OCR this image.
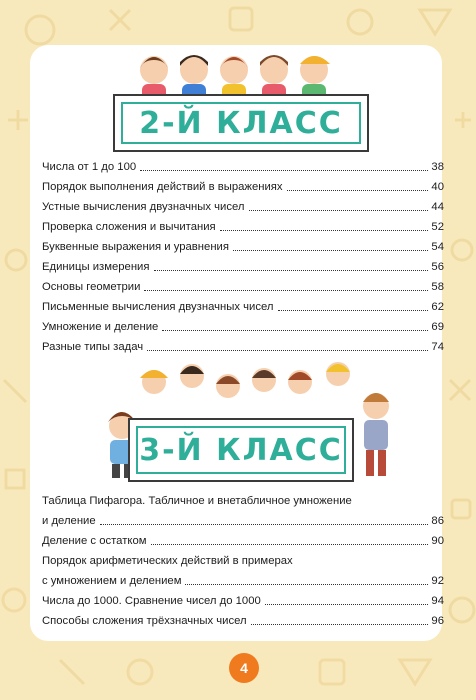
2-Й КЛАСС
Числа от 1 до 100	38
Порядок выполнения действий в выражениях	40
Устные вычисления двузначных чисел	44
Проверка сложения и вычитания	52
Буквенные выражения и уравнения	54
Единицы измерения	56
Основы геометрии	58
Письменные вычисления двузначных чисел	62
Умножение и деление	69
Разные типы задач	74
3-Й КЛАСС
Таблица Пифагора. Табличное и внетабличное умножение
и деление	86
Деление с остатком	90
Порядок арифметических действий в примерах
с умножением и делением	92
Числа до 1000. Сравнение чисел до 1000	94
Способы сложения трёхзначных чисел	96
4
